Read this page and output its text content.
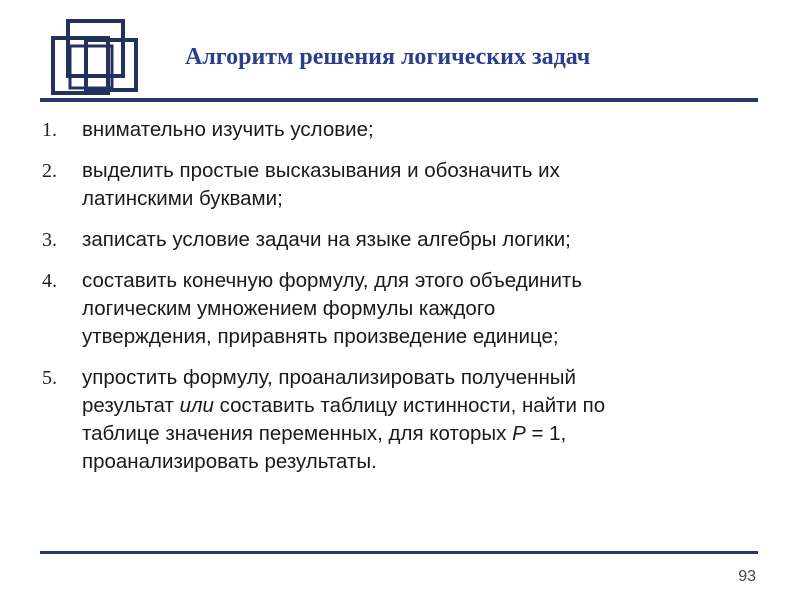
Алгоритм решения логических задач
1.	внимательно изучить условие;
2.	выделить простые высказывания и обозначить их
латинскими буквами;
3.	записать условие задачи на языке алгебры логики;
4.	составить конечную формулу, для этого объединить
логическим умножением формулы каждого
утверждения, приравнять произведение единице;
5.	упростить формулу, проанализировать полученный
результат или составить таблицу истинности, найти по
таблице значения переменных, для которых P = 1,
проанализировать результаты.
93
